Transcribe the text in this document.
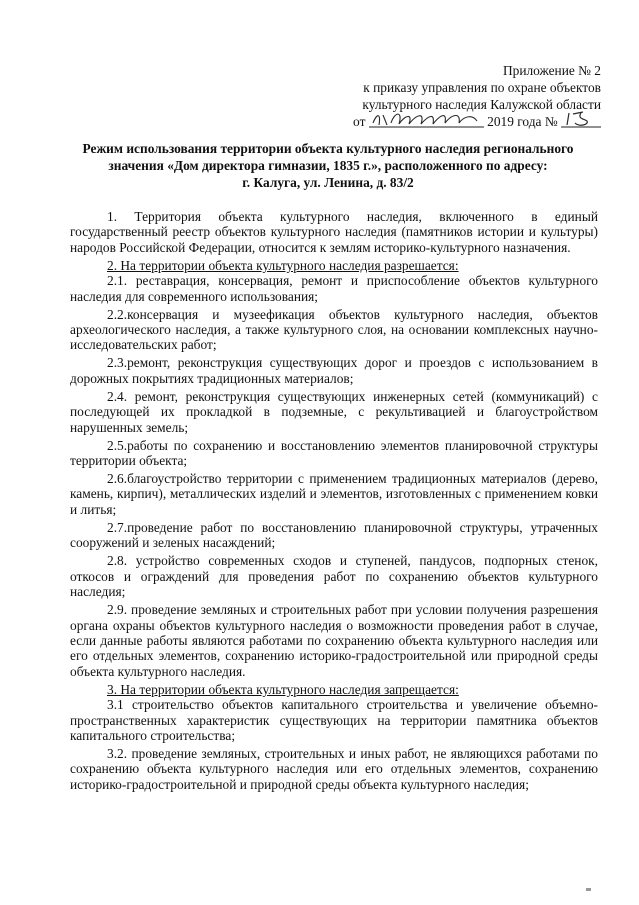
Приложение № 2
к приказу управления по охране объектов
культурного наследия Калужской области
от	2019 года №
Режим использования территории объекта культурного наследия регионального
значения «Дом директора гимназии, 1835 г.», расположенного по адресу:
г. Калуга, ул. Ленина, д. 83/2

1. Территория объекта культурного наследия, включенного в единый государственный реестр объектов культурного наследия (памятников истории и культуры) народов Российской Федерации, относится к землям историко-культурного назначения.

2. На территории объекта культурного наследия разрешается:

2.1. реставрация, консервация, ремонт и приспособление объектов культурного наследия для современного использования;

2.2.консервация и музеефикация объектов культурного наследия, объектов археологического наследия, а также культурного слоя, на основании комплексных научно-исследовательских работ;

2.3.ремонт, реконструкция существующих дорог и проездов с использованием в дорожных покрытиях традиционных материалов;

2.4. ремонт, реконструкция существующих инженерных сетей (коммуникаций) с последующей их прокладкой в подземные, с рекультивацией и благоустройством нарушенных земель;

2.5.работы по сохранению и восстановлению элементов планировочной структуры территории объекта;

2.6.благоустройство территории с применением традиционных материалов (дерево, камень, кирпич), металлических изделий и элементов, изготовленных с применением ковки и литья;

2.7.проведение работ по восстановлению планировочной структуры, утраченных сооружений и зеленых насаждений;

2.8. устройство современных сходов и ступеней, пандусов, подпорных стенок, откосов и ограждений для проведения работ по сохранению объектов культурного наследия;

2.9. проведение земляных и строительных работ при условии получения разрешения органа охраны объектов культурного наследия о возможности проведения работ в случае, если данные работы являются работами по сохранению объекта культурного наследия или его отдельных элементов, сохранению историко-градостроительной или природной среды объекта культурного наследия.

3. На территории объекта культурного наследия запрещается:

3.1 строительство объектов капитального строительства и увеличение объемно-пространственных характеристик существующих на территории памятника объектов капитального строительства;

3.2. проведение земляных, строительных и иных работ, не являющихся работами по сохранению объекта культурного наследия или его отдельных элементов, сохранению историко-градостроительной и природной среды объекта культурного наследия;
